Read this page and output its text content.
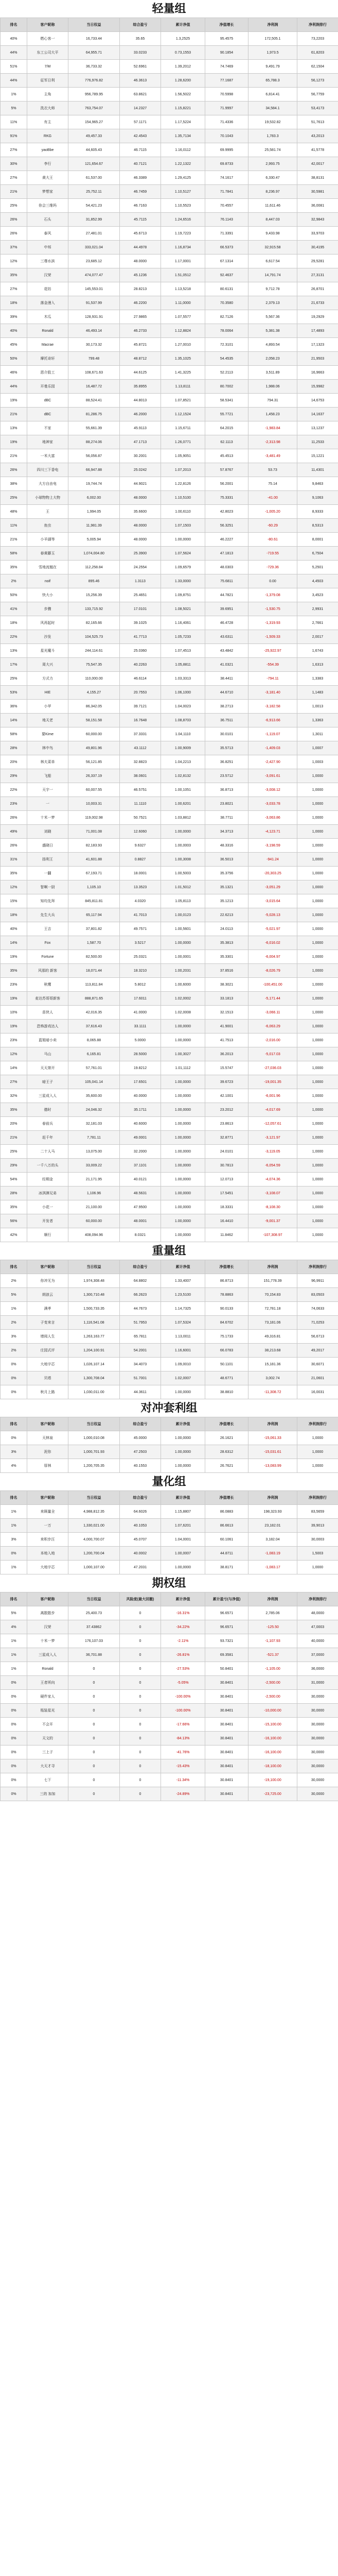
轻量组
排名	客户昵称	当日权益	综合盈亏	累计净值	净值增长	净利润	净利润排行
40%	燃心客一	16,733.44	35.65	1.3,2525	95.4575	172,505.1	73,2203
44%	东工公司大平	64,955.71	33.0233	0.73,1553	90.1854	1,973.5	61,8203
51%	7/M	36,733.32	52.6961	1.39,2012	74.7469	9,491.79	62,1504
44%	征军日利	776,976.82	46.3613	1.28,6200	77.1687	65,788.3	56,1273
1%	主角	956,789.95	63.8621	1.56,5022	70.5998	6,814.41	56,7759
5%	洗衣大师	763,754.07	14.2327	1.15,8221	71.9997	34,584.1	53,4173
11%	有主	154,965.27	57.1171	1.17,5224	71.4336	19,532.82	51,7613
91%	RKG	49,457.33	42.4543	1.35,7134	70.1043	1,783.3	43,2013
27%	yaoBbe	44,605.43	46.7115	1.16,0112	69.9995	25,581.74	41,5778
30%	李行	121,654.67	40.7121	1.22,1322	69.8733	2,993.75	42,0017
27%	黄大王	61,537.00	46.3389	1.29,4125	74.1617	6,330.47	38,8131
21%	梦想家	25,752.11	46.7459	1.10,5127	71.7841	8,236.97	30,5981
25%	你会三维吗	54,421.23	46.7163	1.10,5523	70.4557	11,611.46	36,0081
26%	石头	31,852.99	45.7115	1.24,6516	76.1143	8,447.03	32,9843
26%	泰风	27,481.01	45.6713	1.19,7223	71.3391	9,433.98	33,9703
37%	中邦	333,021.04	44.4978	1.16,8734	66.5373	32,915.58	30,4195
12%	三尊水滨	23,685.12	48.0000	1.17,0001	67.1314	6,617.54	29,5281
35%	汉荣	474,077.47	45.1236	1.51,0512	92.4637	14,791.74	27,3131
27%	花纺	145,553.01	28.8213	1.13,5218	80.6131	9,712.78	26,8701
18%	落金漫入	91,537.99	46.2200	1.11,0000	70.3580	2,379.13	21,6733
39%	木瓜	128,931.91	27.9865	1.07,5577	82.7126	5,567.36	19,2929
40%	Ronald	46,493.14	46.2733	1.12,8824	78.0064	5,381.38	17,4893
45%	Macrae	30,173.32	45.8721	1.27,0010	72.3101	4,893.54	17,1323
50%	摩托奇轩	799.48	48.8712	1.35,1025	54.4535	2,058.23	21,9503
46%	恩介股工	108,671.63	44.6125	1.41,3225	52.2113	3,511.89	16,9663
44%	开曼乐园	16,487.72	35.8955	1.13,8111	80.7002	1,988.06	15,9982
19%	dBC	88,524.41	44.8013	1.07,8521	58.5341	794.31	14,6753
21%	dBC	81,286.75	46.2000	1.12,1524	55.7721	1,458.23	14,1637
13%	不家	55,661.39	45.9113	1.15,6711	64.2015	-1,983.84	13,1237
19%	地神家	88,274.06	47.1713	1.26,0771	62.1113	-2,313.98	11,2533
21%	一米大富	56,056.87	30.2001	1.05,9051	45.4513	-3,481.49	15,1221
26%	四川三下香电	66,947.88	25.0242	1.07,2013	57.8767	53.73	11,4301
38%	大方自由电	19,744.74	44.9021	1.22,8126	56.2001	75.14	9,8463
25%	小球物物上大物	6,002.00	48.0000	1.10,5100	75.3331	-41.00	9,1063
48%	王	1,994.05	35.6600	1.00,6110	42.8023	-1,005.20	8,9333
11%	鱼虫	11,981.39	48.0000	1.07,1503	56.3251	-60.29	8,5313
21%	小羊湖等	5,005.94	48.0000	1.00,0000	46.2227	-80.61	8,0001
58%	春黄藤玉	1,074,004.80	25.3900	1.07,5624	47.1813	-719.55	6,7504
35%	雪地流翘在	112,258.84	24.2554	1.09,6579	48.0303	-729.36	5,2501
2%	noif	895.46	1.3113	1.33,0000	75.6811	0.00	4,4503
50%	快大小	15,256.39	25.4651	1.09,8751	44.7821	-1,379.08	3,4523
41%	步骤	133,715.92	17.0101	1.08,5021	39.6951	-1,530.75	2,9931
18%	风再起时	82,165.66	39.1025	1.16,4061	46.4728	-1,319.93	2,7661
22%	沙发	104,525.73	41.7713	1.05,7233	43.6311	-1,509.33	2,0017
13%	星光魔斗	244,114.61	25.0360	1.07,4513	43.4842	-25,922.97	1,6743
17%	周大兴	75,547.35	40.2263	1.05,8811	41.0321	-554.39	1,6313
25%	方式力	110,000.00	46.6114	1.03,3313	38.4411	-794.11	1,3383
53%	HIE	4,155.27	20.7553	1.06,1000	44.6710	-3,181.40	1,1483
36%	小苹	86,342.05	39.7121	1.04,0023	38.2713	-3,182.58	1,0013
14%	地天老	58,151.58	16.7648	1.08,8703	36.7511	-6,913.66	1,3363
58%	要Kime	60,000.00	37.3331	1.04,1110	30.0101	-1,119.07	1,3011
28%	林中鸟	49,801.96	43.1112	1.00,9009	35.5713	-1,409.03	1,0007
20%	林夫菜单	56,121.85	32.8823	1.04,2213	36.8251	-2,427.90	1,0003
29%	飞船	26,337.19	38.0601	1.02,8132	23.5712	-3,091.61	1,0000
22%	天宇一	60,007.55	46.5751	1.00,1051	36.8713	-3,008.12	1,0000
23%	一	10,003.31	11.1110	1.00,6201	23.8021	-3,033.78	1,0000
26%	十米一梦	119,002.98	50.7521	1.03,8812	38.7711	-3,063.86	1,0000
49%	刘晓	71,001.08	12.6060	1.00,0000	34.3713	-4,123.71	1,0000
26%	盛晓日	82,183.93	9.6327	1.00,0003	48.3316	-3,198.59	1,0000
31%	扬利王	41,601.88	0.8827	1.00,3008	36.5013	-941.24	1,0000
35%	一翻	67,193.71	18.0001	1.00,5003	35.3756	-20,303.25	1,0000
12%	智啊一厨	1,105.10	13.3523	1.01,5012	35.1321	-3,051.29	1,0000
15%	知均先拜	845,811.81	4.0320	1.05,8113	35.1213	-3,015.64	1,0000
18%	先生大兵	65,117.94	41.7013	1.00,0123	22.6213	-5,028.13	1,0000
40%	王吉	37,801.82	49.7571	1.00,5601	24.0113	-5,021.97	1,0000
14%	Fox	1,587.70	3.5217	1.00,0000	35.3813	-6,016.02	1,0000
19%	Fortune	82,500.00	25.0321	1.00,0001	35.3301	-6,004.97	1,0000
35%	风那的 新客	18,071.44	18.3210	1.00,2031	37.8516	-8,026.79	1,0000
23%	秋鹰	113,811.84	5.8012	1.00,6000	38.3021	-100,451.00	1,0000
19%	麦达苏哥哥新客	888,871.65	17.6011	1.02,0002	33.1813	-5,171.44	1,0000
10%	苗侠人	42,016.35	41.0000	1.02,0008	32.1513	-3,066.11	1,0000
19%	恐怖游戏达人	37,616.43	33.1111	1.00,0000	41.9001	-6,063.29	1,0000
23%	蓝姐暗小卖	8,065.88	5.0000	1.00,0000	41.7513	-2,016.00	1,0000
12%	马山	6,165.81	28.5000	1.00,3027	36.2013	-5,017.03	1,0000
14%	天天第开	57,761.01	19.8212	1.01,1112	15.5747	-27,036.03	1,0000
27%	暗王子	105,041.14	17.6501	1.00,0000	39.6723	-19,001.35	1,0000
32%	三星成入人	35,600.00	40.0000	1.00,0000	42.1001	-6,001.96	1,0000
35%	德时	24,046.32	35.1711	1.00,0000	23.2012	-4,017.69	1,0000
20%	春前兵	32,181.03	40.6000	1.00,0000	23.8613	-12,057.61	1,0000
21%	赶千年	7,781.11	49.0001	1.00,0000	32.8771	-3,121.97	1,0000
25%	二十人马	13,075.00	32.2000	1.00,0000	24.0101	-3,119.05	1,0000
29%	一千八万的头	33,009.22	37.1101	1.00,0000	30.7813	-6,054.59	1,0000
54%	经期金	21,171.95	40.0121	1.00,0000	12.0713	-4,074.36	1,0000
28%	冰淇淋兄弟	1,106.96	48.5631	1.00,0000	17.5451	-3,108.07	1,0000
35%	小花一	21,100.00	47.9500	1.00,0000	18.3331	-8,108.30	1,0000
56%	开发者	60,000.00	48.0001	1.00,0000	16.4410	-9,001.37	1,0000
42%	顺行	408,094.96	8.0321	1.00,0000	11.8462	-107,308.97	1,0000
重量组
排名	客户昵称	当日权益	综合盈亏	累计净值	净值增长	净利润	净利润排行
2%	你冲无为	1,974,308.48	64.8802	1.33,4007	86.8713	151,778.39	96,9911
5%	朗浪云	1,300,710.48	66.2623	1.23,5100	78.8863	70,154.83	83,0503
1%	满孝	1,500,733.35	44.7673	1.14,7325	90.0133	72,781.18	74,0633
2%	子变来言	1,116,541.08	51.7953	1.07,5324	84.6702	73,181.06	71,0253
3%	增阅人生	1,263,163.77	65.7811	1.13,0011	75.1733	49,316.81	56,6713
2%	庄园式评	1,204,100.91	54.2001	1.16,6001	66.0783	38,213.68	49,2017
0%	大地宇芯	1,026,107.14	34.4073	1.09,0010	50.1101	15,181.36	30,6071
0%	贝塔	1,300,708.04	51.7001	1.02,0007	48.6771	3,002.74	21,0601
0%	秋月上路	1,030,011.00	44.3611	1.00,0000	38.8810	-11,308.72	16,0031
对冲套利组
排名	客户昵称	当日权益	综合盈亏	累计净值	净值增长	净利润	净利润排行
0%	天林泉	1,000,010.08	45.0000	1.00,0000	26.1621	-15,061.33	1,0000
3%	泥你	1,000,701.93	47.2503	1.00,0000	28.6312	-15,031.61	1,0000
4%	厚林	1,200,705.35	40.1553	1.00,0000	26.7621	-13,083.99	1,0000
量化组
排名	客户昵称	当日权益	综合盈亏	累计净值	净值增长	净利润	净利润排行
1%	来顾量全	4,988,812.35	64.6026	1.15,8807	86.0883	198,323.93	83,5659
1%	一万	1,330,021.00	40.1053	1.07,6201	86.6613	23,182.01	39,9013
3%	来积步汪	4,000,700.07	45.0707	1.04,0001	60.1061	3,182.04	30,0003
0%	本地入地	1,200,700.04	40.0002	1.00,0007	44.8711	-1,083.19	1,5003
1%	大地宇芯	1,000,107.00	47.2031	1.00,0000	38.8171	-1,083.17	1,0000
期权组
排名	客户昵称	当日权益	风险度(最大回撤)	累计净值	累计盈亏(与净值)	净利润	净利润排行
5%	离散散步	25,400.73	0	-16.31%	96.6571	2,785.06	48,0000
4%	汉荣	37.43862	0	-34.22%	96.6571	-125.50	47,0003
1%	十米一梦	176,107.03	0	-2.11%	93.7321	-1,107.93	40,0000
1%	三星成入人	36,701.88	0	-26.81%	69.3581	-521.37	37,0000
1%	Ronald	0	0	-27.53%	50.8401	-1,105.00	36,0000
0%	王者所向	0	0	-5.05%	30.8401	-2,500.00	31,0000
0%	硬件家人	0	0	-100.00%	30.8401	-2,500.00	30,0000
0%	瓶装星光	0	0	-100.00%	30.8401	-10,000.00	30,0000
0%	不会开	0	0	-17.66%	30.8401	-15,100.00	30,0000
0%	天文的	0	0	-84.13%	30.8401	-16,100.00	30,0000
0%	三上子	0	0	-41.76%	30.8401	-16,100.00	30,0000
0%	大天才寻	0	0	-15.43%	30.8401	-18,100.00	30,0000
0%	七下	0	0	-11.34%	30.8401	-19,100.00	30,0000
0%	三的 加加	0	0	-24.89%	30.8401	-23,725.00	30,0000
